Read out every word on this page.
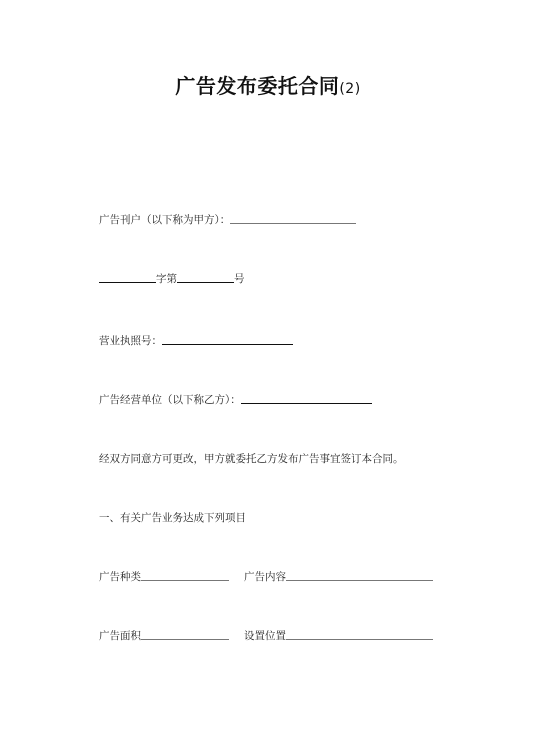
广告发布委托合同(2)
广告刊户（以下称为甲方）：
字第	号
营业执照号：
广告经营单位（以下称乙方）：
经双方同意方可更改，甲方就委托乙方发布广告事宜签订本合同。
一、有关广告业务达成下列项目
广告种类	广告内容
广告面积	设置位置
